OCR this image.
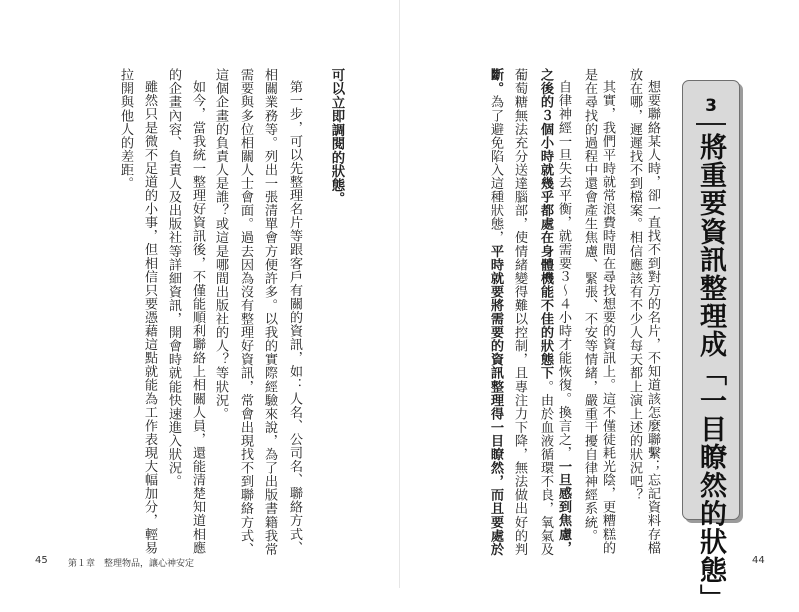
3
將重要資訊整理成「一目瞭然的狀態」
想要聯絡某人時，卻一直找不到對方的名片，不知道該怎麼聯繫；忘記資料存檔
放在哪，遲遲找不到檔案。相信應該有不少人每天都上演上述的狀況吧？
其實，我們平時就常浪費時間在尋找想要的資訊上。這不僅徒耗光陰，更糟糕的
是在尋找的過程中還會產生焦慮、緊張、不安等情緒，嚴重干擾自律神經系統。
自律神經一旦失去平衡，就需要３～４小時才能恢復。換言之，一旦感到焦慮，
之後的３個小時就幾乎都處在身體機能不佳的狀態下。由於血液循環不良，氧氣及
葡萄糖無法充分送達腦部，使情緒變得難以控制，且專注力下降，無法做出好的判
斷。為了避免陷入這種狀態，平時就要將需要的資訊整理得一目瞭然，而且要處於
可以立即調閱的狀態。
第一步，可以先整理名片等跟客戶有關的資訊，如：人名、公司名、聯絡方式、
相關業務等。列出一張清單會方便許多。以我的實際經驗來說，為了出版書籍我常
需要與多位相關人士會面。過去因為沒有整理好資訊，常會出現找不到聯絡方式、
這個企畫的負責人是誰？或這是哪間出版社的人？等狀況。
如今，當我統一整理好資訊後，不僅能順利聯絡上相關人員，還能清楚知道相應
的企畫內容、負責人及出版社等詳細資訊，開會時就能快速進入狀況。
雖然只是微不足道的小事，但相信只要憑藉這點就能為工作表現大幅加分，輕易
拉開與他人的差距。
45 第１章　整理物品，讓心神安定	44
